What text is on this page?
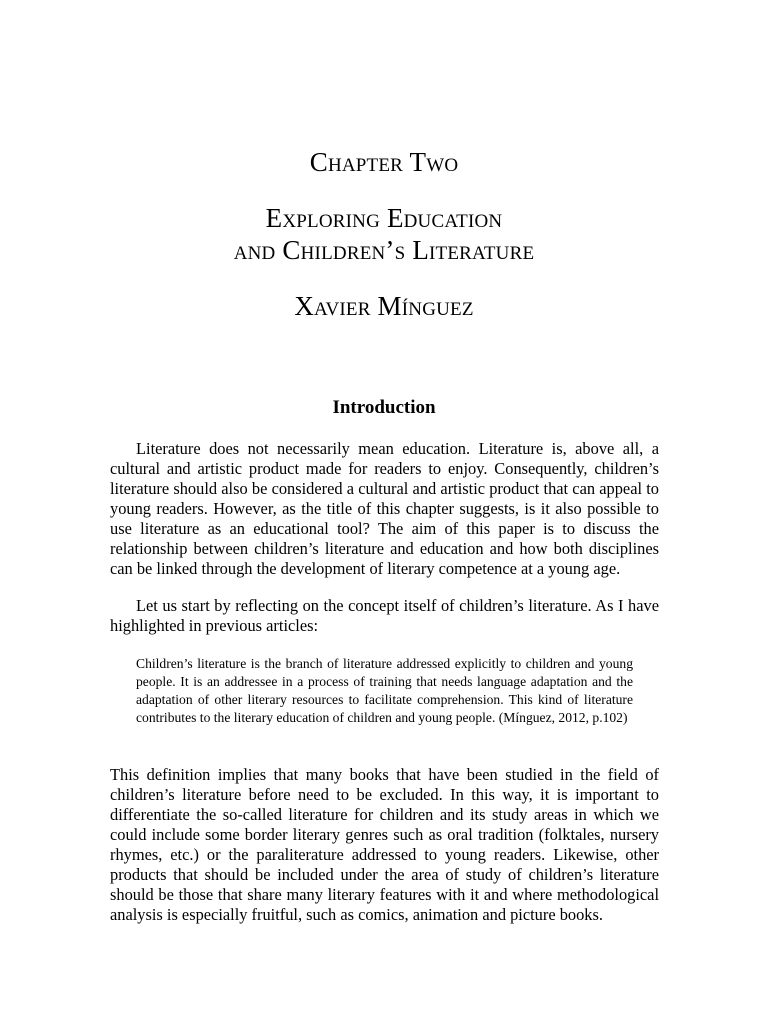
Chapter Two
Exploring Education
and Children’s Literature
Xavier Mínguez
Introduction

Literature does not necessarily mean education. Literature is, above all, a cultural and artistic product made for readers to enjoy. Consequently, children’s literature should also be considered a cultural and artistic product that can appeal to young readers. However, as the title of this chapter suggests, is it also possible to use literature as an educational tool? The aim of this paper is to discuss the relationship between children’s literature and education and how both disciplines can be linked through the development of literary competence at a young age.

Let us start by reflecting on the concept itself of children’s literature. As I have highlighted in previous articles:

Children’s literature is the branch of literature addressed explicitly to children and young people. It is an addressee in a process of training that needs language adaptation and the adaptation of other literary resources to facilitate comprehension. This kind of literature contributes to the literary education of children and young people. (Mínguez, 2012, p.102)

This definition implies that many books that have been studied in the field of children’s literature before need to be excluded. In this way, it is important to differentiate the so-called literature for children and its study areas in which we could include some border literary genres such as oral tradition (folktales, nursery rhymes, etc.) or the paraliterature addressed to young readers. Likewise, other products that should be included under the area of study of children’s literature should be those that share many literary features with it and where methodological analysis is especially fruitful, such as comics, animation and picture books.
